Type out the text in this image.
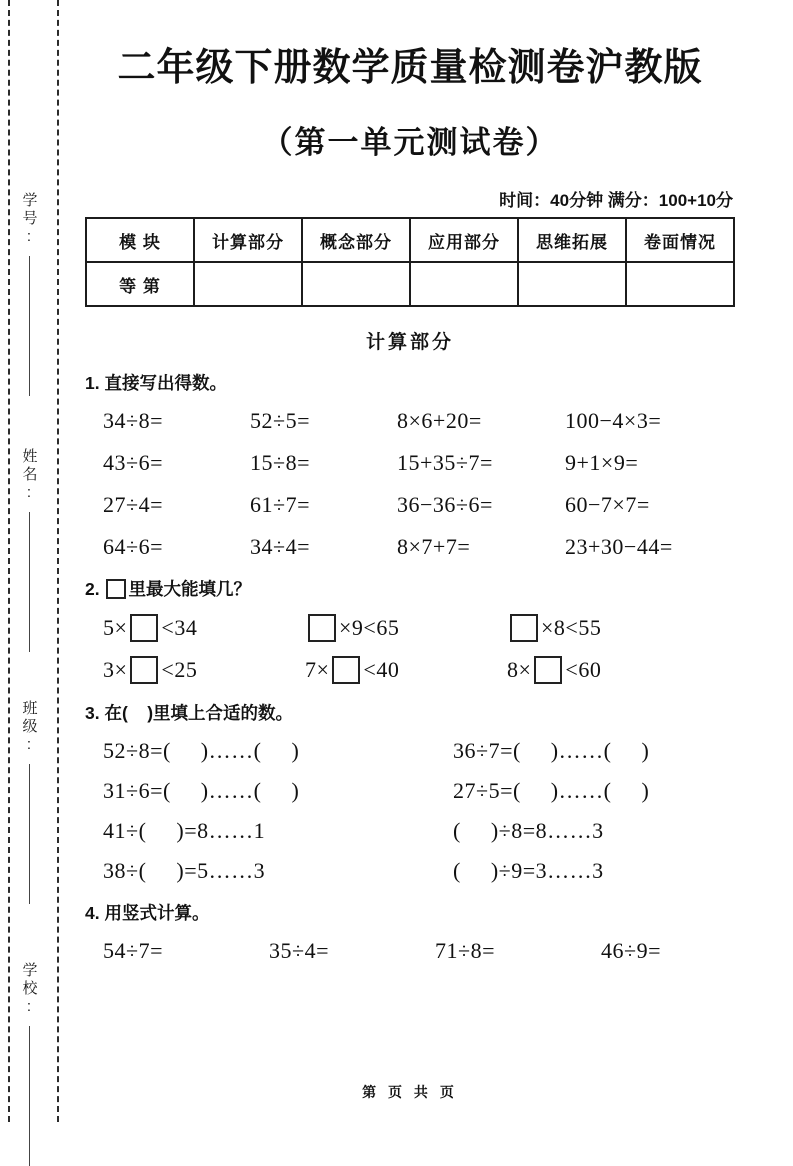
学号:
姓名:
班级:
学校:
二年级下册数学质量检测卷沪教版
（第一单元测试卷）
时间：40分钟 满分：100+10分
模 块	计算部分	概念部分	应用部分	思维拓展	卷面情况
等 第					
计算部分
1. 直接写出得数。
34÷8=	52÷5=	8×6+20=	100−4×3=
43÷6=	15÷8=	15+35÷7=	9+1×9=
27÷4=	61÷7=	36−36÷6=	60−7×7=
64÷6=	34÷4=	8×7+7=	23+30−44=
2. 里最大能填几？
5× <34	×9<65	×8<55
3× <25	7× <40	8× <60
3. 在(    )里填上合适的数。
52÷8=(     )……(     )	36÷7=(     )……(     )
31÷6=(     )……(     )	27÷5=(     )……(     )
41÷(     )=8……1	(     )÷8=8……3
38÷(     )=5……3	(     )÷9=3……3
4. 用竖式计算。
54÷7=	35÷4=	71÷8=	46÷9=
第 页 共 页
